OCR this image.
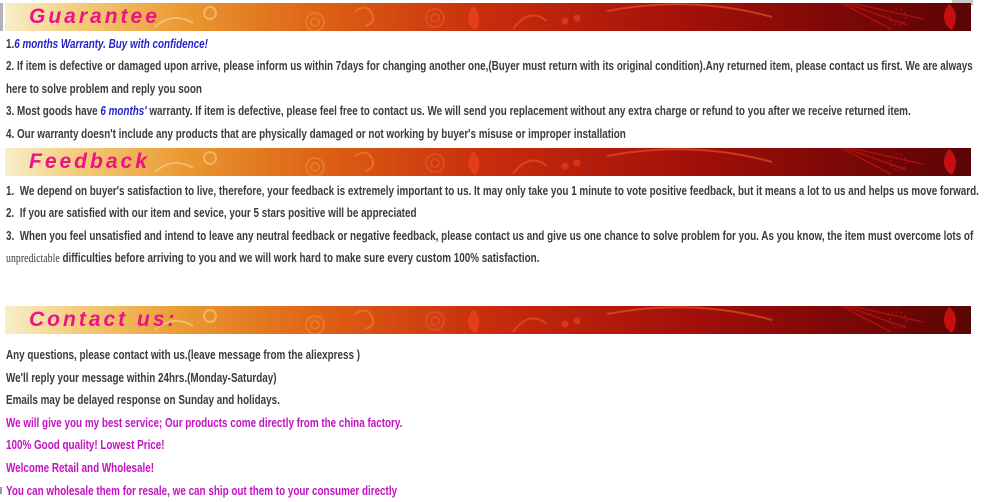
Guarantee

1.6 months Warranty. Buy with confidence!

2. If item is defective or damaged upon arrive, please inform us within 7days for changing another one,(Buyer must return with its original condition).Any returned item, please contact us first. We are always here to solve problem and reply you soon

3. Most goods have 6 months' warranty. If item is defective, please feel free to contact us. We will send you replacement without any extra charge or refund to you after we receive returned item.

4. Our warranty doesn't include any products that are physically damaged or not working by buyer's misuse or improper installation

Feedback

1.  We depend on buyer's satisfaction to live, therefore, your feedback is extremely important to us. It may only take you 1 minute to vote positive feedback, but it means a lot to us and helps us move forward.

2.  If you are satisfied with our item and sevice, your 5 stars positive will be appreciated

3.  When you feel unsatisfied and intend to leave any neutral feedback or negative feedback, please contact us and give us one chance to solve problem for you. As you know, the item must overcome lots of unpredictable difficulties before arriving to you and we will work hard to make sure every custom 100% satisfaction.

Contact us:

Any questions, please contact with us.(leave message from the aliexpress )

We'll reply your message within 24hrs.(Monday-Saturday)

Emails may be delayed response on Sunday and holidays.

We will give you my best service; Our products come directly from the china factory.

100% Good quality! Lowest Price!

Welcome Retail and Wholesale!

You can wholesale them for resale, we can ship out them to your consumer directly
